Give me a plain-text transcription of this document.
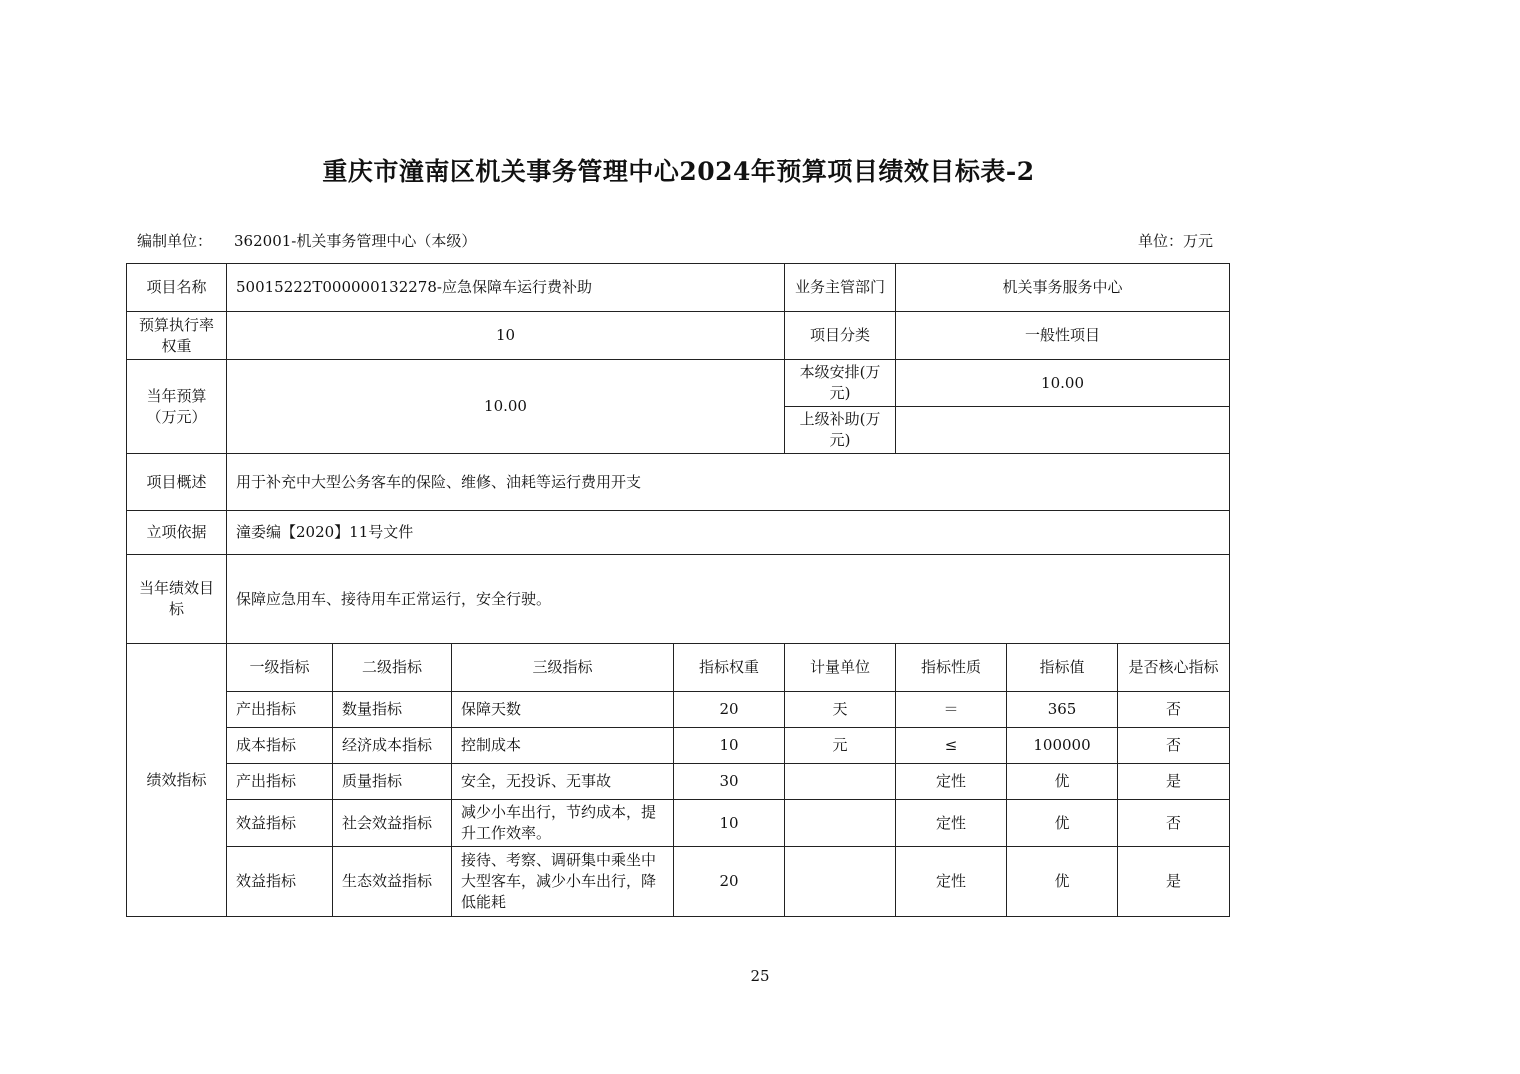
重庆市潼南区机关事务管理中心2024年预算项目绩效目标表-2
编制单位： 362001-机关事务管理中心（本级）	单位：万元
项目名称	50015222T000000132278-应急保障车运行费补助				业务主管部门	机关事务服务中心		
预算执行率权重	10				项目分类	一般性项目		
当年预算（万元）	10.00				本级安排(万元)	10.00		
					上级补助(万元)			
项目概述	用于补充中大型公务客车的保险、维修、油耗等运行费用开支							
立项依据	潼委编【2020】11号文件							
当年绩效目标	保障应急用车、接待用车正常运行，安全行驶。							
绩效指标	一级指标	二级指标	三级指标	指标权重	计量单位	指标性质	指标值	是否核心指标
	产出指标	数量指标	保障天数	20	天	＝	365	否
	成本指标	经济成本指标	控制成本	10	元	≤	100000	否
	产出指标	质量指标	安全，无投诉、无事故	30		定性	优	是
	效益指标	社会效益指标	减少小车出行，节约成本，提升工作效率。	10		定性	优	否
	效益指标	生态效益指标	接待、考察、调研集中乘坐中大型客车，减少小车出行，降低能耗	20		定性	优	是
25
